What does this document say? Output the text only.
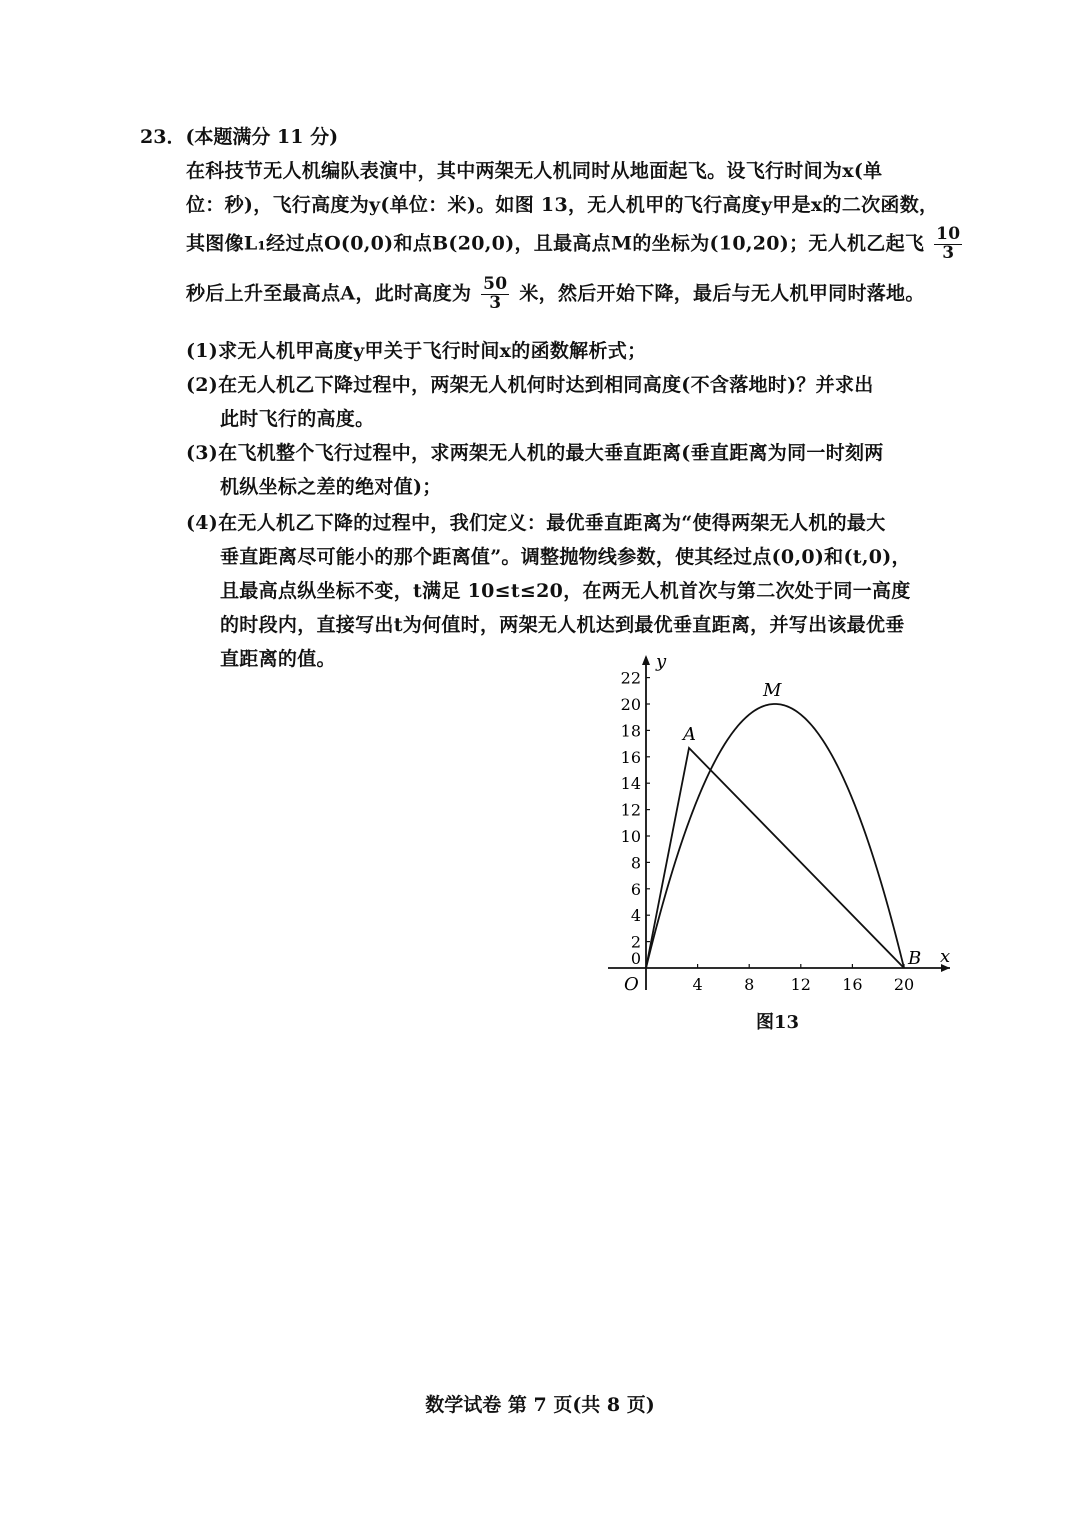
23．(本题满分 11 分)
在科技节无人机编队表演中，其中两架无人机同时从地面起飞。设飞行时间为x(单
位：秒)，飞行高度为y(单位：米)。如图 13，无人机甲的飞行高度y甲是x的二次函数，
其图像L₁经过点O(0,0)和点B(20,0)，且最高点M的坐标为(10,20)；无人机乙起飞 $\frac{10}{3}$
秒后上升至最高点A，此时高度为 $\frac{50}{3}$ 米，然后开始下降，最后与无人机甲同时落地。
(1)求无人机甲高度y甲关于飞行时间x的函数解析式；
(2)在无人机乙下降过程中，两架无人机何时达到相同高度(不含落地时)？并求出
此时飞行的高度。
(3)在飞机整个飞行过程中，求两架无人机的最大垂直距离(垂直距离为同一时刻两
机纵坐标之差的绝对值)；
(4)在无人机乙下降的过程中，我们定义：最优垂直距离为“使得两架无人机的最大
垂直距离尽可能小的那个距离值”。调整抛物线参数，使其经过点(0,0)和(t,0)，
且最高点纵坐标不变，t满足 10≤t≤20，在两无人机首次与第二次处于同一高度
的时段内，直接写出t为何值时，两架无人机达到最优垂直距离，并写出该最优垂
直距离的值。
x
y
0
2
4
6
8
10
12
14
16
18
20
22
4	8 12 16 20
O
A
M
B
图13
数学试卷 第 7 页(共 8 页)
